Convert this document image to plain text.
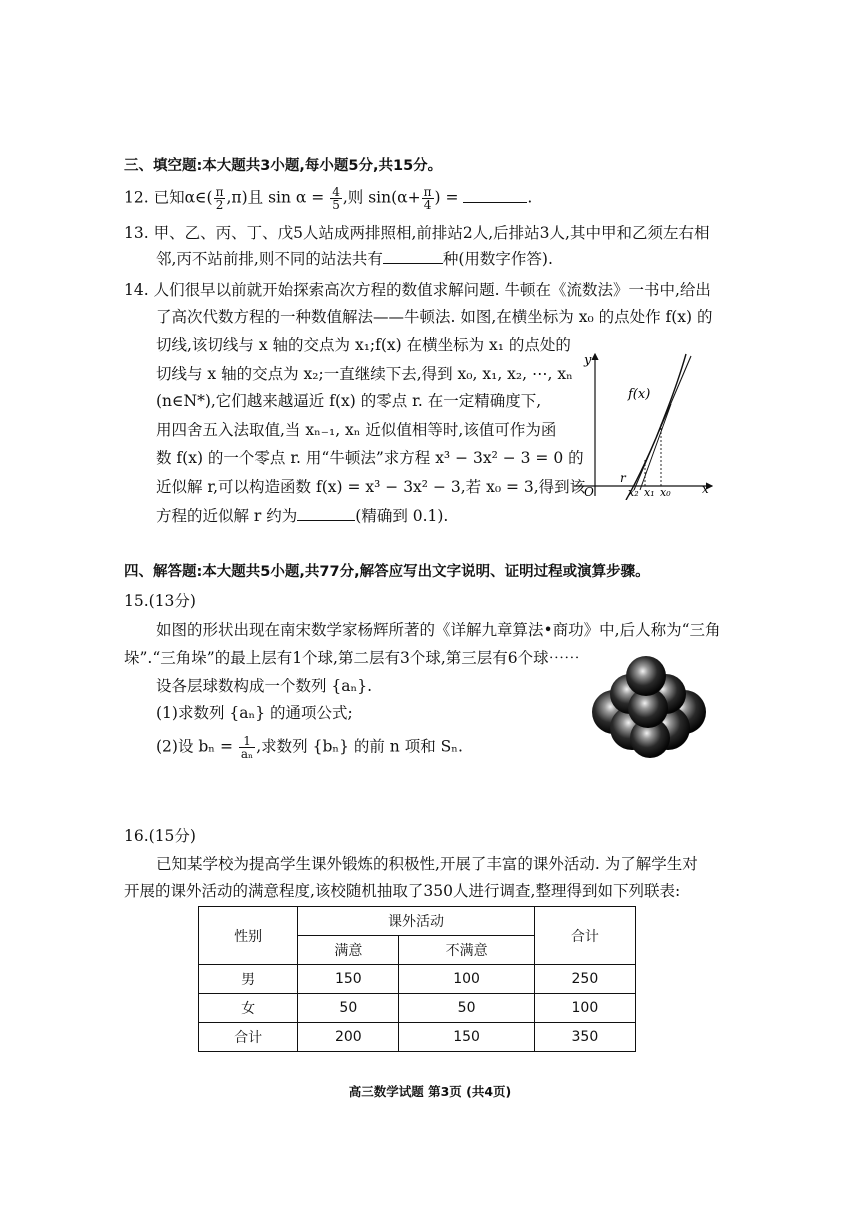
三、填空题:本大题共3小题,每小题5分,共15分。
12. 已知α∈( $\frac{\pi}{2} ,\pi$)且 $\sin \alpha = \frac{4}{5}$ ,则 $\sin(\alpha+ \frac{\pi}{4}$ ) =	.
13. 甲、乙、丙、丁、戊5人站成两排照相,前排站2人,后排站3人,其中甲和乙须左右相
邻,丙不站前排,则不同的站法共有	种(用数字作答).
14. 人们很早以前就开始探索高次方程的数值求解问题. 牛顿在《流数法》一书中,给出
了高次代数方程的一种数值解法——牛顿法. 如图,在横坐标为 x₀ 的点处作 f(x) 的
切线,该切线与 x 轴的交点为 x₁;f(x) 在横坐标为 x₁ 的点处的
切线与 x 轴的交点为 x₂;一直继续下去,得到 x₀, x₁, x₂, ⋯, xₙ
(n∈N*),它们越来越逼近 f(x) 的零点 r. 在一定精确度下,
用四舍五入法取值,当 xₙ₋₁, xₙ 近似值相等时,该值可作为函
数 f(x) 的一个零点 r. 用“牛顿法”求方程 x³ − 3x² − 3 = 0 的
近似解 r,可以构造函数 f(x) = x³ − 3x² − 3,若 x₀ = 3,得到该
方程的近似解 r 约为	(精确到 0.1).
y
x
O
f(x)
r
x₂ x₁ x₀
四、解答题:本大题共5小题,共77分,解答应写出文字说明、证明过程或演算步骤。
15.(13分)
如图的形状出现在南宋数学家杨辉所著的《详解九章算法•商功》中,后人称为“三角
垛”.“三角垛”的最上层有1个球,第二层有3个球,第三层有6个球⋯⋯
设各层球数构成一个数列 {aₙ}.
(1)求数列 {aₙ} 的通项公式;
(2)设 $b_n = \frac{1}{\text{aₙ}}$ ,求数列 {bₙ} 的前 n 项和 Sₙ.
16.(15分)
已知某学校为提高学生课外锻炼的积极性,开展了丰富的课外活动. 为了解学生对
开展的课外活动的满意程度,该校随机抽取了350人进行调查,整理得到如下列联表:
性别	课外活动		合计
	满意	不满意	
男	150	100	250
女	50	50	100
合计	200	150	350
高三数学试题 第3页 (共4页)
